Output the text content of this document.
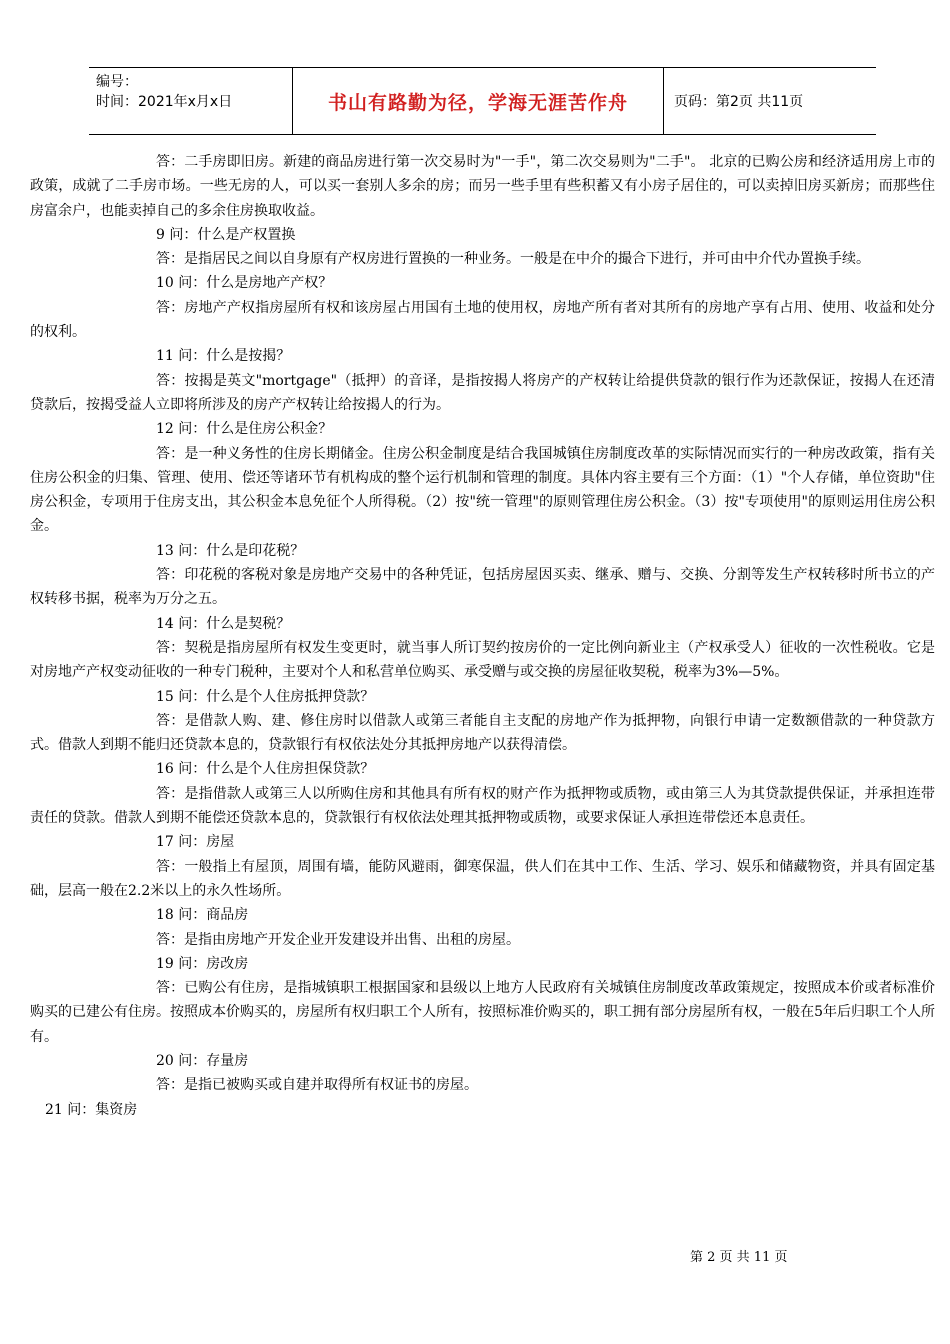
编号：
时间：2021年x月x日	书山有路勤为径，学海无涯苦作舟	页码：第2页 共11页

答：二手房即旧房。新建的商品房进行第一次交易时为"一手"，第二次交易则为"二手"。 北京的已购公房和经济适用房上市的政策，成就了二手房市场。一些无房的人，可以买一套别人多余的房；而另一些手里有些积蓄又有小房子居住的，可以卖掉旧房买新房；而那些住房富余户，也能卖掉自己的多余住房换取收益。

9 问：什么是产权置换

答：是指居民之间以自身原有产权房进行置换的一种业务。一般是在中介的撮合下进行，并可由中介代办置换手续。

10 问：什么是房地产产权？

答：房地产产权指房屋所有权和该房屋占用国有土地的使用权，房地产所有者对其所有的房地产享有占用、使用、收益和处分的权利。

11 问：什么是按揭？

答：按揭是英文"mortgage"（抵押）的音译，是指按揭人将房产的产权转让给提供贷款的银行作为还款保证，按揭人在还清贷款后，按揭受益人立即将所涉及的房产产权转让给按揭人的行为。

12 问：什么是住房公积金？

答：是一种义务性的住房长期储金。住房公积金制度是结合我国城镇住房制度改革的实际情况而实行的一种房改政策，指有关住房公积金的归集、管理、使用、偿还等诸环节有机构成的整个运行机制和管理的制度。具体内容主要有三个方面：（1）"个人存储，单位资助"住房公积金，专项用于住房支出，其公积金本息免征个人所得税。（2）按"统一管理"的原则管理住房公积金。（3）按"专项使用"的原则运用住房公积金。

13 问：什么是印花税？

答：印花税的客税对象是房地产交易中的各种凭证，包括房屋因买卖、继承、赠与、交换、分割等发生产权转移时所书立的产权转移书据，税率为万分之五。

14 问：什么是契税？

答：契税是指房屋所有权发生变更时，就当事人所订契约按房价的一定比例向新业主（产权承受人）征收的一次性税收。它是对房地产产权变动征收的一种专门税种，主要对个人和私营单位购买、承受赠与或交换的房屋征收契税，税率为3%—5%。

15 问：什么是个人住房抵押贷款？

答：是借款人购、建、修住房时以借款人或第三者能自主支配的房地产作为抵押物，向银行申请一定数额借款的一种贷款方式。借款人到期不能归还贷款本息的，贷款银行有权依法处分其抵押房地产以获得清偿。

16 问：什么是个人住房担保贷款？

答：是指借款人或第三人以所购住房和其他具有所有权的财产作为抵押物或质物，或由第三人为其贷款提供保证，并承担连带责任的贷款。借款人到期不能偿还贷款本息的，贷款银行有权依法处理其抵押物或质物，或要求保证人承担连带偿还本息责任。

17 问：房屋

答：一般指上有屋顶，周围有墙，能防风避雨，御寒保温，供人们在其中工作、生活、学习、娱乐和储藏物资，并具有固定基础，层高一般在2.2米以上的永久性场所。

18 问：商品房

答：是指由房地产开发企业开发建设并出售、出租的房屋。

19 问：房改房

答：已购公有住房，是指城镇职工根据国家和县级以上地方人民政府有关城镇住房制度改革政策规定，按照成本价或者标准价购买的已建公有住房。按照成本价购买的，房屋所有权归职工个人所有，按照标准价购买的，职工拥有部分房屋所有权，一般在5年后归职工个人所有。

20 问：存量房

答：是指已被购买或自建并取得所有权证书的房屋。

21 问：集资房

第 2 页 共 11 页
